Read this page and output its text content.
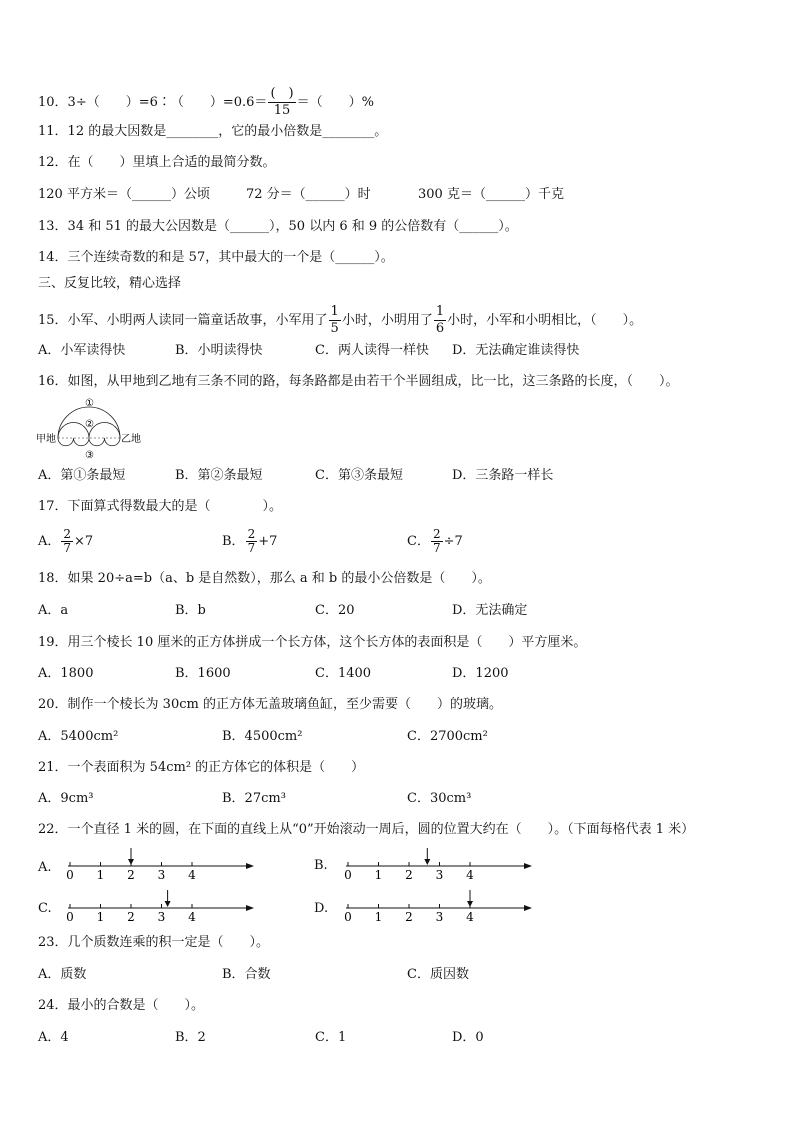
10．3÷（　　）=6∶（　　）$=0.6= \frac{( )}{15}$ ＝（　　）%
11．12 的最大因数是________，它的最小倍数是________。
12．在（　　）里填上合适的最简分数。
120 平方米＝（______）公顷	72 分＝（______）时	300 克＝（______）千克
13．34 和 51 的最大公因数是（______），50 以内 6 和 9 的公倍数有（______）。
14．三个连续奇数的和是 57，其中最大的一个是（______）。
三、反复比较，精心选择
15．小军、小明两人读同一篇童话故事，小军用了 $\frac{1}{5}$ 小时，小明用了 $\frac{1}{6}$ 小时，小军和小明相比，（　　）。
A．小军读得快	B．小明读得快	C．两人读得一样快 D．无法确定谁读得快
16．如图，从甲地到乙地有三条不同的路，每条路都是由若干个半圆组成，比一比，这三条路的长度，（　　）。
甲地	乙地
①
②
③
A．第①条最短	B．第②条最短	C．第③条最短	D．三条路一样长
17．下面算式得数最大的是（　　　　）。
A． $\frac{2}{7} \times 7$	B． $\frac{2}{7} +7$	C． $\frac{2}{7} \div 7$
18．如果 20÷a=b（a、b 是自然数），那么 a 和 b 的最小公倍数是（　　）。
A．a	B．b	C．20	D．无法确定
19．用三个棱长 10 厘米的正方体拼成一个长方体，这个长方体的表面积是（　　）平方厘米。
A．1800	B．1600	C．1400	D．1200
20．制作一个棱长为 30cm 的正方体无盖玻璃鱼缸，至少需要（　　）的玻璃。
A．5400cm²	B．4500cm²	C．2700cm²
21．一个表面积为 54cm² 的正方体它的体积是（　　）
A．9cm³	B．27cm³	C．30cm³
22．一个直径 1 米的圆，在下面的直线上从“0”开始滚动一周后，圆的位置大约在（　　）。（下面每格代表 1 米）
A. 0 1 2 3 4
B.
0 1 2 3 4
C.
0 1 2 3 4
D.
0 1 2 3 4
23．几个质数连乘的积一定是（　　）。
A．质数	B．合数	C．质因数
24．最小的合数是（　　）。
A．4	B．2	C．1	D．0
